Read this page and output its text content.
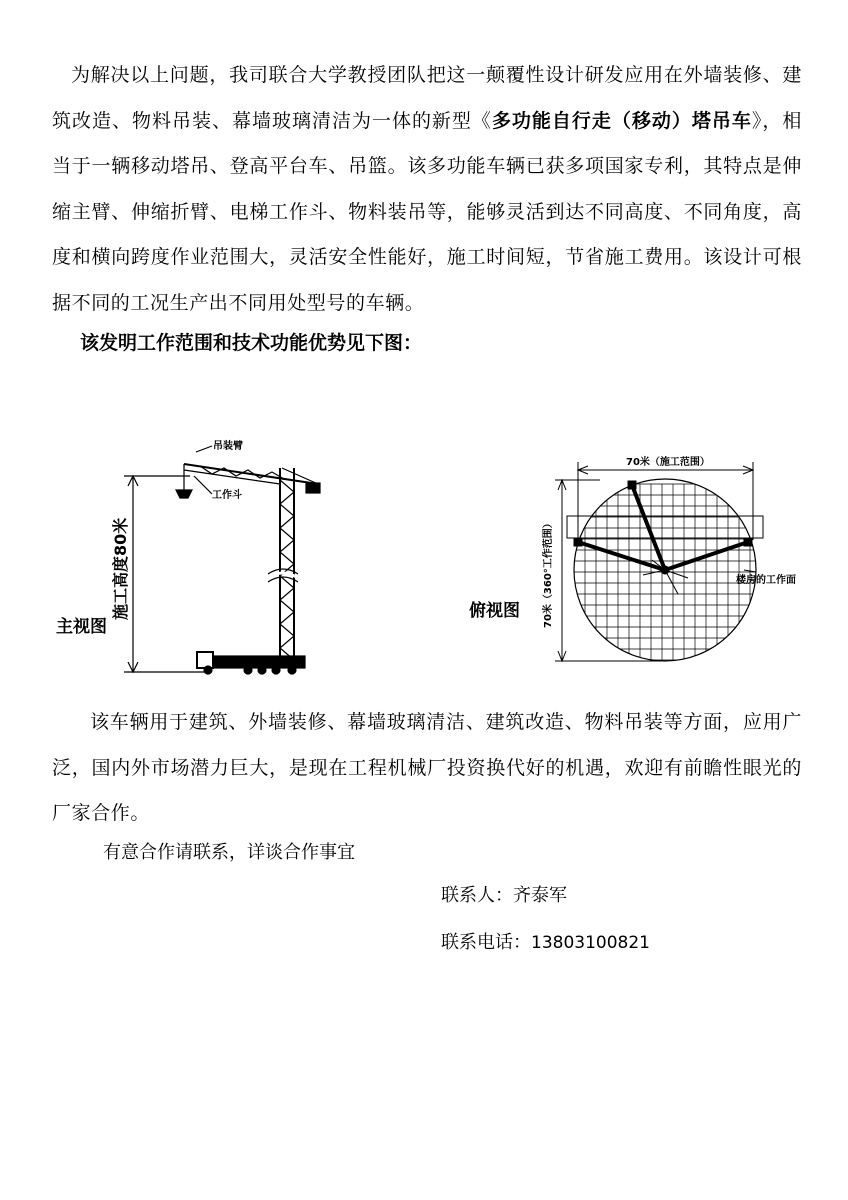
为解决以上问题，我司联合大学教授团队把这一颠覆性设计研发应用在外墙装修、建筑改造、物料吊装、幕墙玻璃清洁为一体的新型《多功能自行走（移动）塔吊车》，相当于一辆移动塔吊、登高平台车、吊篮。该多功能车辆已获多项国家专利，其特点是伸缩主臂、伸缩折臂、电梯工作斗、物料装吊等，能够灵活到达不同高度、不同角度，高度和横向跨度作业范围大，灵活安全性能好，施工时间短，节省施工费用。该设计可根据不同的工况生产出不同用处型号的车辆。
该发明工作范围和技术功能优势见下图：
吊装臂
工作斗
施工高度80米
主视图
70米（施工范围）
70米（360°工作范围）	楼房的工作面
俯视图
该车辆用于建筑、外墙装修、幕墙玻璃清洁、建筑改造、物料吊装等方面，应用广泛，国内外市场潜力巨大，是现在工程机械厂投资换代好的机遇，欢迎有前瞻性眼光的厂家合作。
有意合作请联系，详谈合作事宜
联系人：齐泰军
联系电话：13803100821
